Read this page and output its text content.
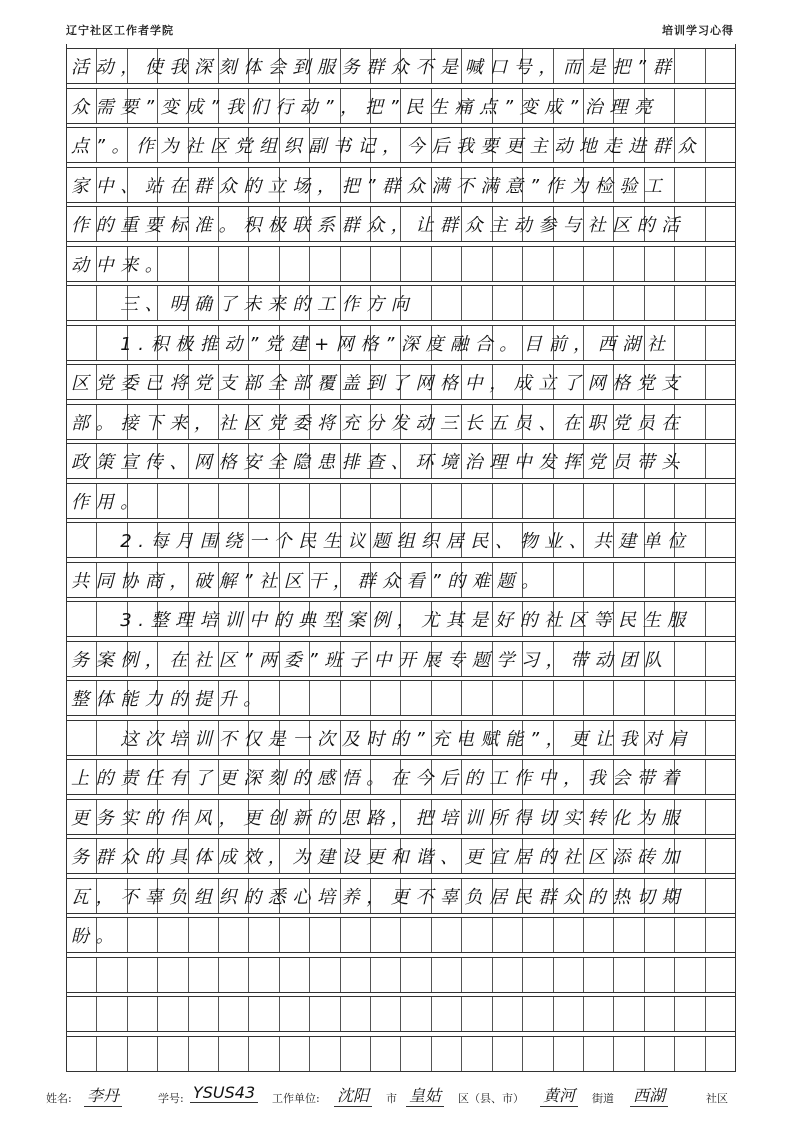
辽宁社区工作者学院	培训学习心得
活动，使我深刻体会到服务群众不是喊口号，而是把”群
众需要”变成”我们行动”，把”民生痛点”变成”治理亮
点”。作为社区党组织副书记，今后我要更主动地走进群众
家中、站在群众的立场，把”群众满不满意”作为检验工
作的重要标准。积极联系群众，让群众主动参与社区的活
动中来。
　　三、明确了未来的工作方向
　　1.积极推动”党建+网格”深度融合。目前，西湖社
区党委已将党支部全部覆盖到了网格中，成立了网格党支
部。接下来，社区党委将充分发动三长五员、在职党员在
政策宣传、网格安全隐患排查、环境治理中发挥党员带头
作用。
　　2.每月围绕一个民生议题组织居民、物业、共建单位
共同协商，破解”社区干，群众看”的难题。
　　3.整理培训中的典型案例，尤其是好的社区等民生服
务案例，在社区”两委”班子中开展专题学习，带动团队
整体能力的提升。
　　这次培训不仅是一次及时的”充电赋能”，更让我对肩
上的责任有了更深刻的感悟。在今后的工作中，我会带着
更务实的作风，更创新的思路，把培训所得切实转化为服
务群众的具体成效，为建设更和谐、更宜居的社区添砖加
瓦，不辜负组织的悉心培养，更不辜负居民群众的热切期
盼。
姓名: 李丹	学号: YSUS43 工作单位: 沈阳 市 皇姑 区（县、市） 黄河 街道 西湖	社区
